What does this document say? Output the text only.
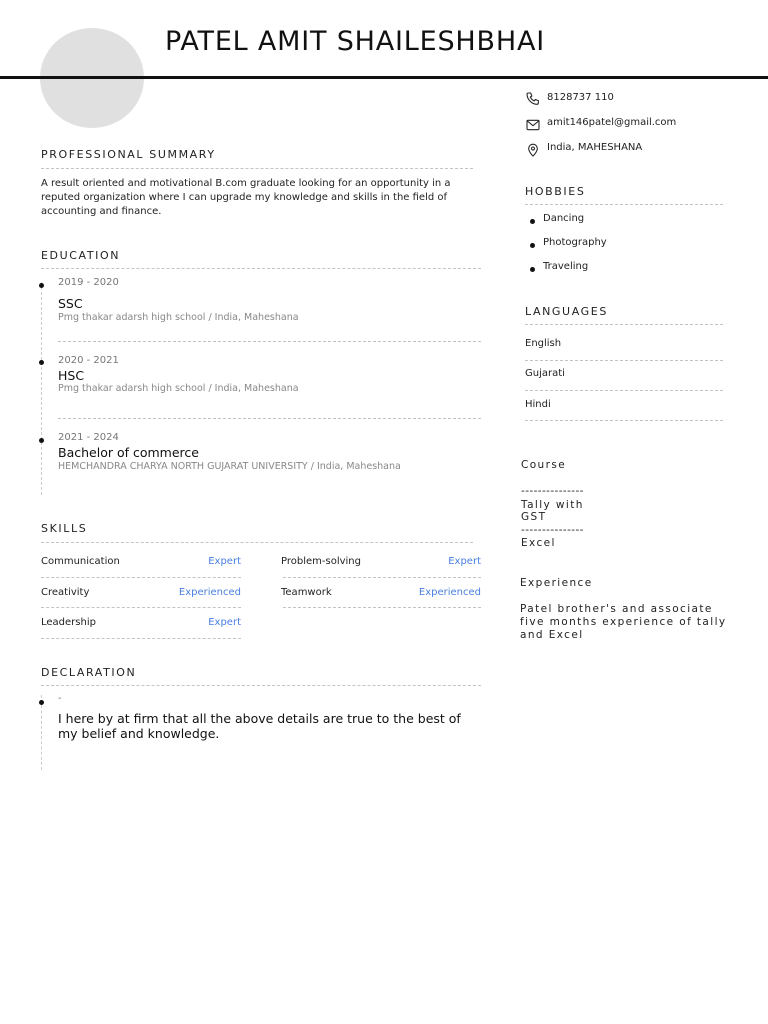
PATEL AMIT SHAILESHBHAI
PROFESSIONAL SUMMARY
A result oriented and motivational B.com graduate looking for an opportunity in a reputed organization where I can upgrade my knowledge and skills in the field of accounting and finance.
EDUCATION
2019 - 2020
SSC
Pmg thakar adarsh high school / India, Maheshana
2020 - 2021
HSC
Pmg thakar adarsh high school / India, Maheshana
2021 - 2024
Bachelor of commerce
HEMCHANDRA CHARYA NORTH GUJARAT UNIVERSITY / India, Maheshana
SKILLS
Communication	Expert	Problem-solving	Expert
Creativity	Experienced	Teamwork	Experienced
Leadership	Expert
DECLARATION
-
I here by at firm that all the above details are true to the best of my belief and knowledge.
8128737 110
amit146patel@gmail.com
India, MAHESHANA
HOBBIES
Dancing
Photography
Traveling
LANGUAGES
English
Gujarati
Hindi
Course
---------------
Tally with
GST
---------------
Excel
Experience
Patel brother's and associate
five months experience of tally
and Excel
